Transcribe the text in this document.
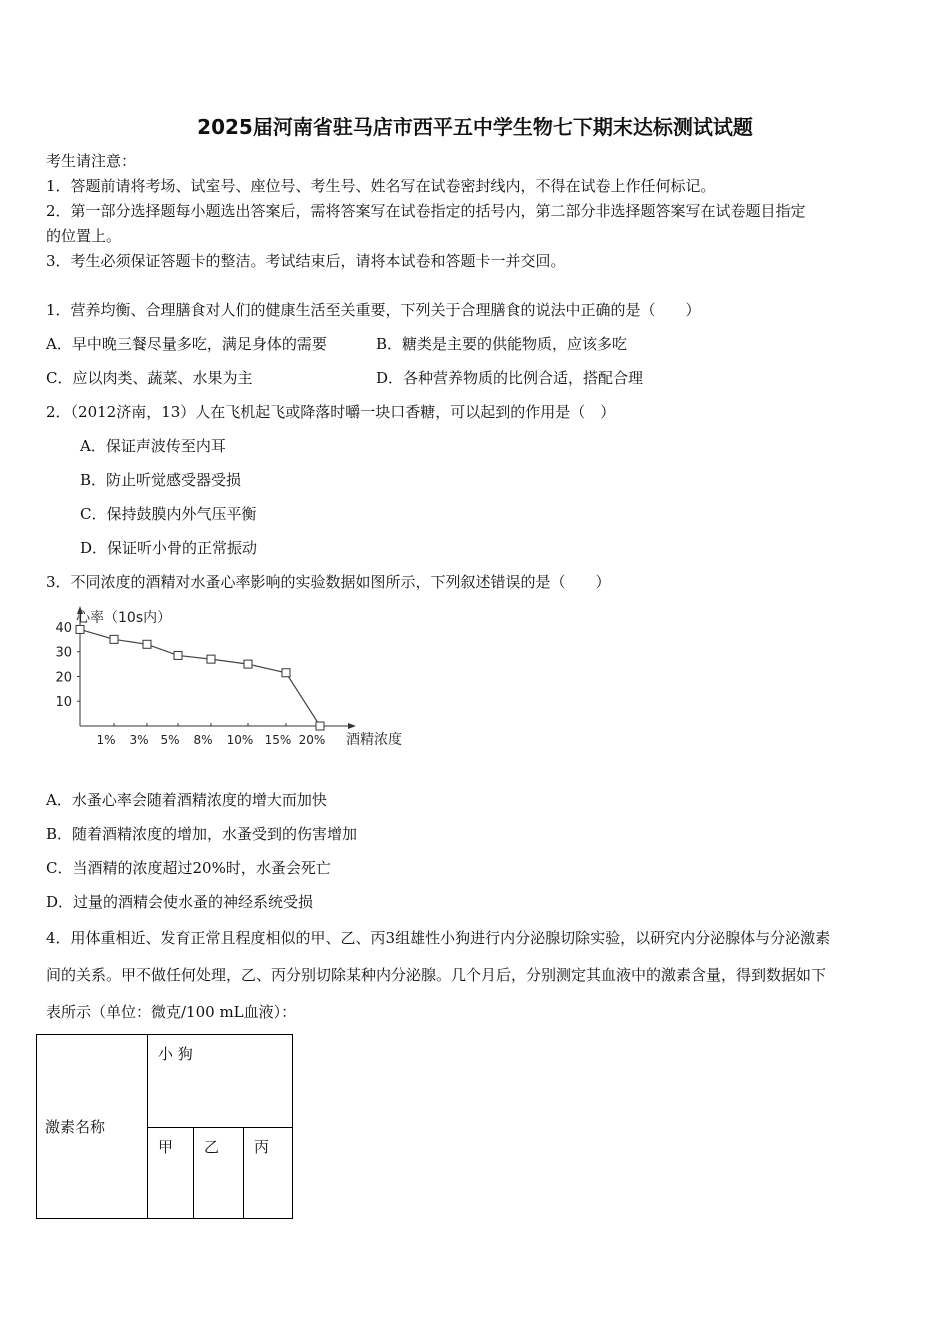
2025届河南省驻马店市西平五中学生物七下期末达标测试试题
考生请注意：
1．答题前请将考场、试室号、座位号、考生号、姓名写在试卷密封线内，不得在试卷上作任何标记。
2．第一部分选择题每小题选出答案后，需将答案写在试卷指定的括号内，第二部分非选择题答案写在试卷题目指定
的位置上。
3．考生必须保证答题卡的整洁。考试结束后，请将本试卷和答题卡一并交回。
1．营养均衡、合理膳食对人们的健康生活至关重要，下列关于合理膳食的说法中正确的是（　　）
A．早中晚三餐尽量多吃，满足身体的需要	B．糖类是主要的供能物质，应该多吃
C．应以肉类、蔬菜、水果为主	D．各种营养物质的比例合适，搭配合理
2．（2012济南，13）人在飞机起飞或降落时嚼一块口香糖，可以起到的作用是（　）
A．保证声波传至内耳
B．防止听觉感受器受损
C．保持鼓膜内外气压平衡
D．保证听小骨的正常振动
3．不同浓度的酒精对水蚤心率影响的实验数据如图所示，下列叙述错误的是（　　）
10
20
30
40
1% 3% 5% 8% 10% 15% 20%
心率（10s内）
酒精浓度
A．水蚤心率会随着酒精浓度的增大而加快
B．随着酒精浓度的增加，水蚤受到的伤害增加
C．当酒精的浓度超过20%时，水蚤会死亡
D．过量的酒精会使水蚤的神经系统受损
4．用体重相近、发育正常且程度相似的甲、乙、丙3组雄性小狗进行内分泌腺切除实验，以研究内分泌腺体与分泌激素
间的关系。甲不做任何处理，乙、丙分别切除某种内分泌腺。几个月后，分别测定其血液中的激素含量，得到数据如下
表所示（单位：微克/100 mL血液）：
激素名称	小 狗		
	甲	乙	丙
